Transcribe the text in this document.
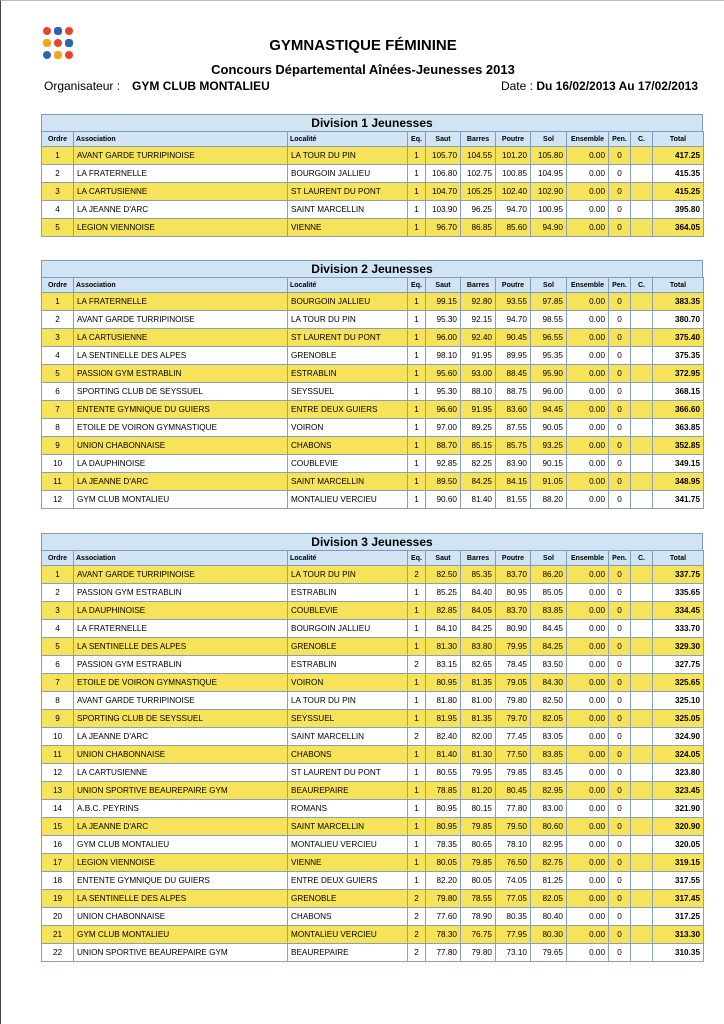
GYMNASTIQUE FÉMININE
Concours Départemental Aînées-Jeunesses 2013
Organisateur : GYM CLUB MONTALIEU	Date : Du 16/02/2013 Au 17/02/2013
Division 1 Jeunesses
Ordre	Association	Localité	Eq.	Saut	Barres	Poutre	Sol	Ensemble	Pen.	C.	Total
1	AVANT GARDE TURRIPINOISE	LA TOUR DU PIN	1	105.70	104.55	101.20	105.80	0.00	0		417.25
2	LA FRATERNELLE	BOURGOIN JALLIEU	1	106.80	102.75	100.85	104.95	0.00	0		415.35
3	LA CARTUSIENNE	ST LAURENT DU PONT	1	104.70	105.25	102.40	102.90	0.00	0		415.25
4	LA JEANNE D'ARC	SAINT MARCELLIN	1	103.90	96.25	94.70	100.95	0.00	0		395.80
5	LEGION VIENNOISE	VIENNE	1	96.70	86.85	85.60	94.90	0.00	0		364.05
Division 2 Jeunesses
Ordre	Association	Localité	Eq.	Saut	Barres	Poutre	Sol	Ensemble	Pen.	C.	Total
1	LA FRATERNELLE	BOURGOIN JALLIEU	1	99.15	92.80	93.55	97.85	0.00	0		383.35
2	AVANT GARDE TURRIPINOISE	LA TOUR DU PIN	1	95.30	92.15	94.70	98.55	0.00	0		380.70
3	LA CARTUSIENNE	ST LAURENT DU PONT	1	96.00	92.40	90.45	96.55	0.00	0		375.40
4	LA SENTINELLE DES ALPES	GRENOBLE	1	98.10	91.95	89.95	95.35	0.00	0		375.35
5	PASSION GYM ESTRABLIN	ESTRABLIN	1	95.60	93.00	88.45	95.90	0.00	0		372.95
6	SPORTING CLUB DE SEYSSUEL	SEYSSUEL	1	95.30	88.10	88.75	96.00	0.00	0		368.15
7	ENTENTE GYMNIQUE DU GUIERS	ENTRE DEUX GUIERS	1	96.60	91.95	83.60	94.45	0.00	0		366.60
8	ETOILE DE VOIRON GYMNASTIQUE	VOIRON	1	97.00	89.25	87.55	90.05	0.00	0		363.85
9	UNION CHABONNAISE	CHABONS	1	88.70	85.15	85.75	93.25	0.00	0		352.85
10	LA DAUPHINOISE	COUBLEVIE	1	92.85	82.25	83.90	90.15	0.00	0		349.15
11	LA JEANNE D'ARC	SAINT MARCELLIN	1	89.50	84.25	84.15	91.05	0.00	0		348.95
12	GYM CLUB MONTALIEU	MONTALIEU VERCIEU	1	90.60	81.40	81.55	88.20	0.00	0		341.75
Division 3 Jeunesses
Ordre	Association	Localité	Eq.	Saut	Barres	Poutre	Sol	Ensemble	Pen.	C.	Total
1	AVANT GARDE TURRIPINOISE	LA TOUR DU PIN	2	82.50	85.35	83.70	86.20	0.00	0		337.75
2	PASSION GYM ESTRABLIN	ESTRABLIN	1	85.25	84.40	80.95	85.05	0.00	0		335.65
3	LA DAUPHINOISE	COUBLEVIE	1	82.85	84.05	83.70	83.85	0.00	0		334.45
4	LA FRATERNELLE	BOURGOIN JALLIEU	1	84.10	84.25	80.90	84.45	0.00	0		333.70
5	LA SENTINELLE DES ALPES	GRENOBLE	1	81.30	83.80	79.95	84.25	0.00	0		329.30
6	PASSION GYM ESTRABLIN	ESTRABLIN	2	83.15	82.65	78.45	83.50	0.00	0		327.75
7	ETOILE DE VOIRON GYMNASTIQUE	VOIRON	1	80.95	81.35	79.05	84.30	0.00	0		325.65
8	AVANT GARDE TURRIPINOISE	LA TOUR DU PIN	1	81.80	81.00	79.80	82.50	0.00	0		325.10
9	SPORTING CLUB DE SEYSSUEL	SEYSSUEL	1	81.95	81.35	79.70	82.05	0.00	0		325.05
10	LA JEANNE D'ARC	SAINT MARCELLIN	2	82.40	82.00	77.45	83.05	0.00	0		324.90
11	UNION CHABONNAISE	CHABONS	1	81.40	81.30	77.50	83.85	0.00	0		324.05
12	LA CARTUSIENNE	ST LAURENT DU PONT	1	80.55	79.95	79.85	83.45	0.00	0		323.80
13	UNION SPORTIVE BEAUREPAIRE GYM	BEAUREPAIRE	1	78.85	81.20	80.45	82.95	0.00	0		323.45
14	A.B.C. PEYRINS	ROMANS	1	80.95	80.15	77.80	83.00	0.00	0		321.90
15	LA JEANNE D'ARC	SAINT MARCELLIN	1	80.95	79.85	79.50	80.60	0.00	0		320.90
16	GYM CLUB MONTALIEU	MONTALIEU VERCIEU	1	78.35	80.65	78.10	82.95	0.00	0		320.05
17	LEGION VIENNOISE	VIENNE	1	80.05	79.85	76.50	82.75	0.00	0		319.15
18	ENTENTE GYMNIQUE DU GUIERS	ENTRE DEUX GUIERS	1	82.20	80.05	74.05	81.25	0.00	0		317.55
19	LA SENTINELLE DES ALPES	GRENOBLE	2	79.80	78.55	77.05	82.05	0.00	0		317.45
20	UNION CHABONNAISE	CHABONS	2	77.60	78.90	80.35	80.40	0.00	0		317.25
21	GYM CLUB MONTALIEU	MONTALIEU VERCIEU	2	78.30	76.75	77.95	80.30	0.00	0		313.30
22	UNION SPORTIVE BEAUREPAIRE GYM	BEAUREPAIRE	2	77.80	79.80	73.10	79.65	0.00	0		310.35
